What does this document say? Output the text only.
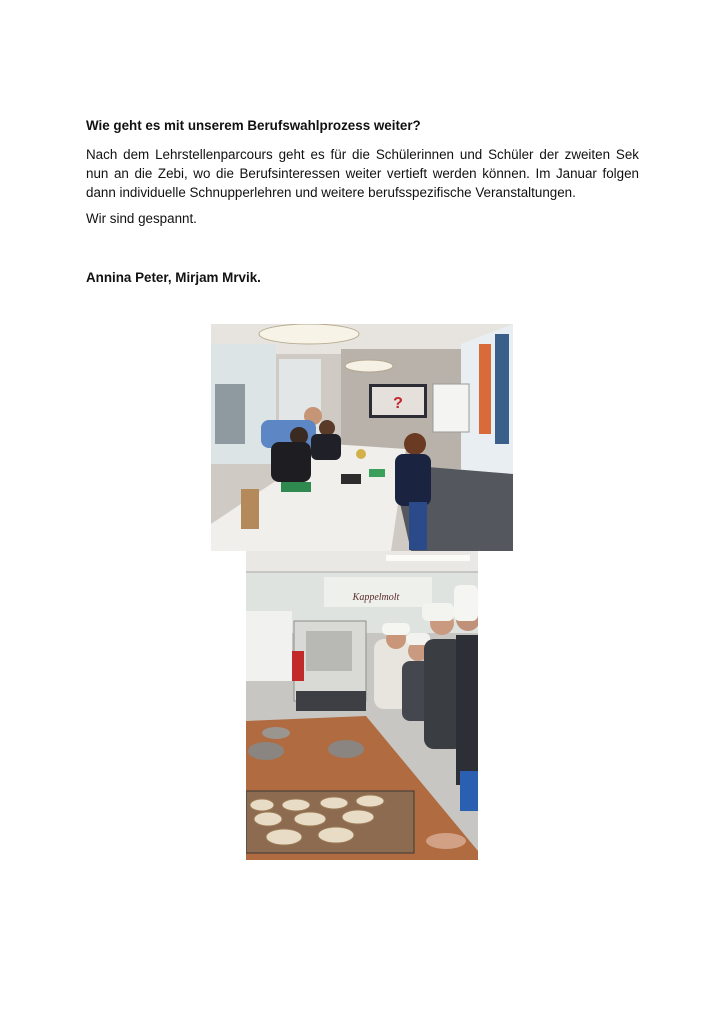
Wie geht es mit unserem Berufswahlprozess weiter?

Nach dem Lehrstellenparcours geht es für die Schülerinnen und Schüler der zweiten Sek nun an die Zebi, wo die Berufsinteressen weiter vertieft werden können. Im Januar folgen dann individuelle Schnupperlehren und weitere berufsspezifische Veranstaltungen.

Wir sind gespannt.

Annina Peter, Mirjam Mrvik.

?
Kappelmolt
